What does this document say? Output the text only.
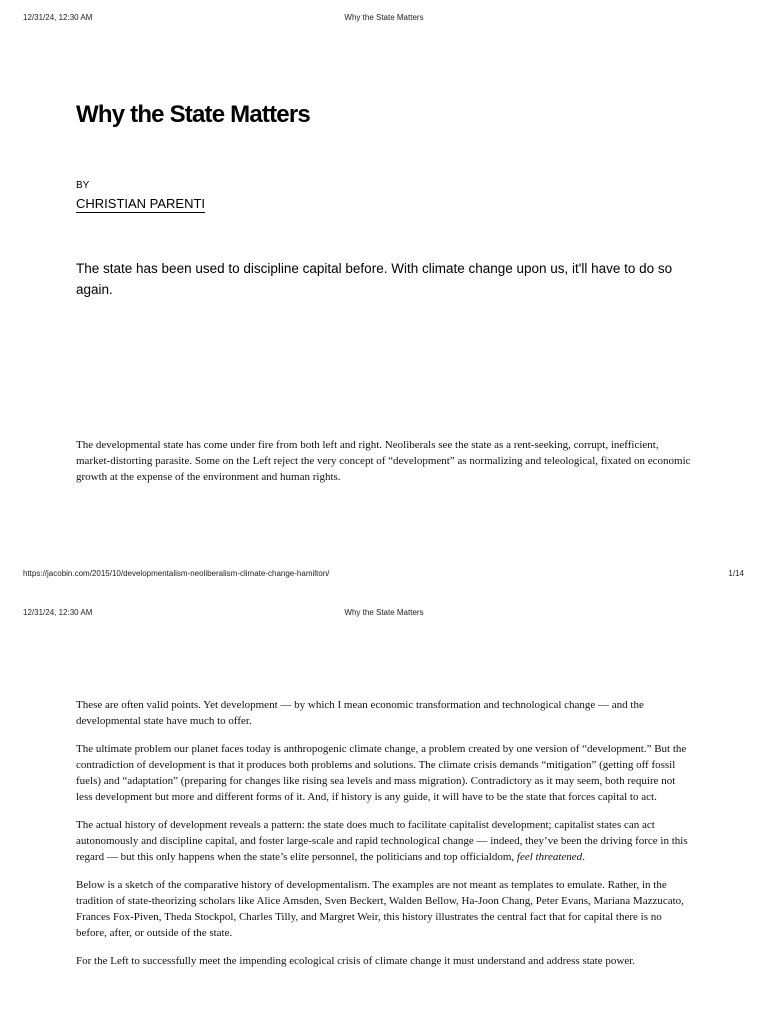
12/31/24, 12:30 AM	Why the State Matters
Why the State Matters
BY
CHRISTIAN PARENTI

The state has been used to discipline capital before. With climate change upon us, it'll have to do so again.

The developmental state has come under fire from both left and right. Neoliberals see the state as a rent-seeking, corrupt, inefficient, market-distorting parasite. Some on the Left reject the very concept of “development” as normalizing and teleological, fixated on economic growth at the expense of the environment and human rights.

https://jacobin.com/2015/10/developmentalism-neoliberalism-climate-change-hamilton/	1/14
12/31/24, 12:30 AM	Why the State Matters

These are often valid points. Yet development — by which I mean economic transformation and technological change — and the developmental state have much to offer.

The ultimate problem our planet faces today is anthropogenic climate change, a problem created by one version of “development.” But the contradiction of development is that it produces both problems and solutions. The climate crisis demands “mitigation” (getting off fossil fuels) and “adaptation” (preparing for changes like rising sea levels and mass migration). Contradictory as it may seem, both require not less development but more and different forms of it. And, if history is any guide, it will have to be the state that forces capital to act.

The actual history of development reveals a pattern: the state does much to facilitate capitalist development; capitalist states can act autonomously and discipline capital, and foster large-scale and rapid technological change — indeed, they’ve been the driving force in this regard — but this only happens when the state’s elite personnel, the politicians and top officialdom, feel threatened.

Below is a sketch of the comparative history of developmentalism. The examples are not meant as templates to emulate. Rather, in the tradition of state-theorizing scholars like Alice Amsden, Sven Beckert, Walden Bellow, Ha-Joon Chang, Peter Evans, Mariana Mazzucato, Frances Fox-Piven, Theda Stockpol, Charles Tilly, and Margret Weir, this history illustrates the central fact that for capital there is no before, after, or outside of the state.

For the Left to successfully meet the impending ecological crisis of climate change it must understand and address state power.
